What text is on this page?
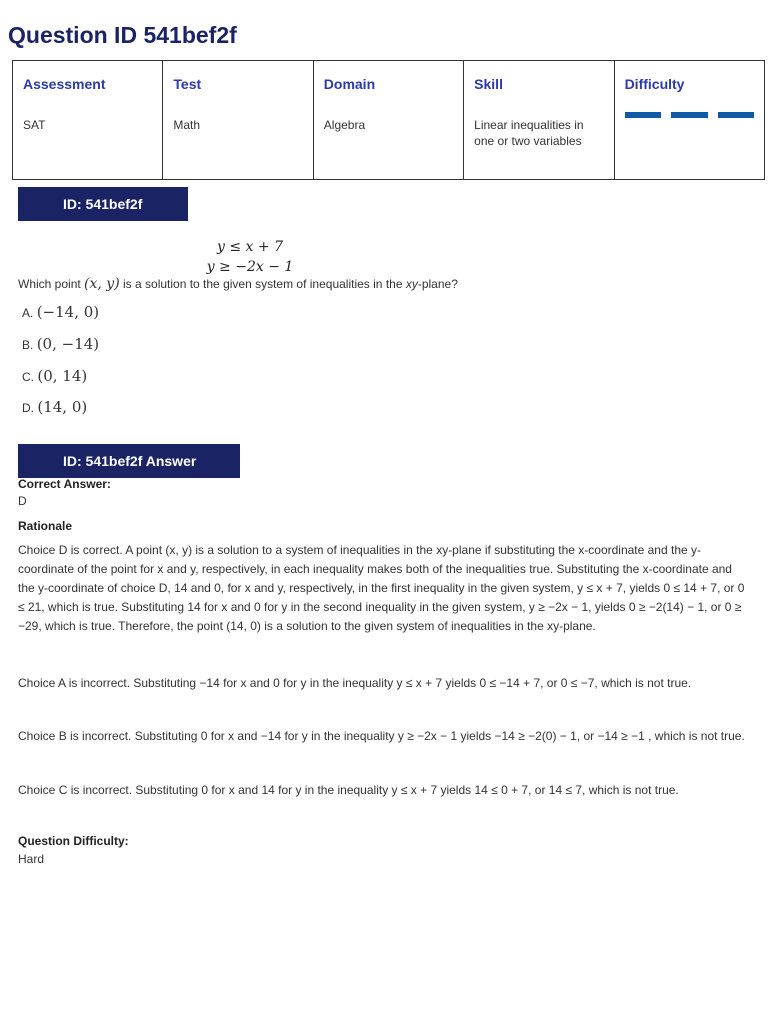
Question ID 541bef2f
Assessment	Test	Domain	Skill	Difficulty
SAT	Math	Algebra	Linear inequalities in one or two variables	
ID: 541bef2f
y ≤ x + 7
y ≥ −2x − 1
Which point (x, y) is a solution to the given system of inequalities in the xy-plane?
A. (−14, 0)
B. (0, −14)
C. (0, 14)
D. (14, 0)
ID: 541bef2f Answer
Correct Answer:
D
Rationale
Choice D is correct. A point (x, y) is a solution to a system of inequalities in the xy-plane if substituting the x-coordinate and the y-coordinate of the point for x and y, respectively, in each inequality makes both of the inequalities true. Substituting the x-coordinate and the y-coordinate of choice D, 14 and 0, for x and y, respectively, in the first inequality in the given system, y ≤ x + 7, yields 0 ≤ 14 + 7, or 0 ≤ 21, which is true. Substituting 14 for x and 0 for y in the second inequality in the given system, y ≥ −2x − 1, yields 0 ≥ −2(14) − 1, or 0 ≥ −29, which is true. Therefore, the point (14, 0) is a solution to the given system of inequalities in the xy-plane.
Choice A is incorrect. Substituting −14 for x and 0 for y in the inequality y ≤ x + 7 yields 0 ≤ −14 + 7, or 0 ≤ −7, which is not true.
Choice B is incorrect. Substituting 0 for x and −14 for y in the inequality y ≥ −2x − 1 yields −14 ≥ −2(0) − 1, or −14 ≥ −1 , which is not true.
Choice C is incorrect. Substituting 0 for x and 14 for y in the inequality y ≤ x + 7 yields 14 ≤ 0 + 7, or 14 ≤ 7, which is not true.
Question Difficulty:
Hard
